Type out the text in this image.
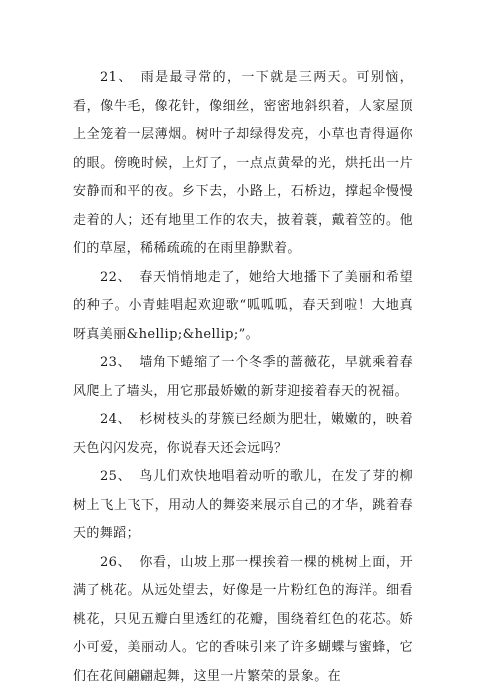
21、 雨是最寻常的，一下就是三两天。可别恼，看，像牛毛，像花针，像细丝，密密地斜织着，人家屋顶上全笼着一层薄烟。树叶子却绿得发亮，小草也青得逼你的眼。傍晚时候，上灯了，一点点黄晕的光，烘托出一片安静而和平的夜。乡下去，小路上，石桥边，撑起伞慢慢走着的人；还有地里工作的农夫，披着蓑，戴着笠的。他们的草屋，稀稀疏疏的在雨里静默着。

22、 春天悄悄地走了，她给大地播下了美丽和希望的种子。小青蛙唱起欢迎歌“呱呱呱，春天到啦！大地真呀真美丽&hellip;&hellip;”。

23、 墙角下蜷缩了一个冬季的蔷薇花，早就乘着春风爬上了墙头，用它那最娇嫩的新芽迎接着春天的祝福。

24、 杉树枝头的芽簇已经颇为肥壮，嫩嫩的，映着天色闪闪发亮，你说春天还会远吗？

25、 鸟儿们欢快地唱着动听的歌儿，在发了芽的柳树上飞上飞下，用动人的舞姿来展示自己的才华，跳着春天的舞蹈；

26、 你看，山坡上那一棵挨着一棵的桃树上面，开满了桃花。从远处望去，好像是一片粉红色的海洋。细看桃花，只见五瓣白里透红的花瓣，围绕着红色的花芯。娇小可爱，美丽动人。它的香味引来了许多蝴蝶与蜜蜂，它们在花间翩翩起舞，这里一片繁荣的景象。在
